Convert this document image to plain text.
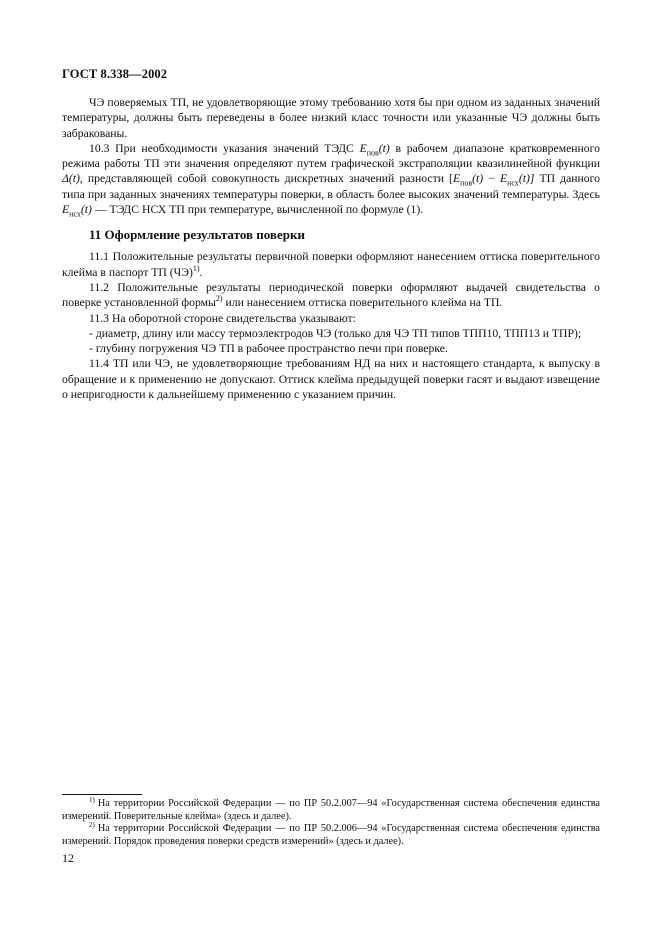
ГОСТ 8.338—2002

ЧЭ поверяемых ТП, не удовлетворяющие этому требованию хотя бы при одном из заданных значений температуры, должны быть переведены в более низкий класс точности или указанные ЧЭ должны быть забракованы.

10.3 При необходимости указания значений ТЭДС $E_{пов}(t)$ в рабочем диапазоне кратковременного режима работы ТП эти значения определяют путем графической экстраполяции квазилинейной функции Δ(t), представляющей собой совокупность дискретных значений разности $[E_{пов}(t) - E_{нсх}(t)]$ ТП данного типа при заданных значениях температуры поверки, в область более высоких значений температуры. Здесь $E_{нсх}(t)$ — ТЭДС НСХ ТП при температуре, вычисленной по формуле (1).

11 Оформление результатов поверки

11.1 Положительные результаты первичной поверки оформляют нанесением оттиска поверительного клейма в паспорт ТП (ЧЭ)$^{1)}$.

11.2 Положительные результаты периодической поверки оформляют выдачей свидетельства о поверке установленной формы$^{2)}$ или нанесением оттиска поверительного клейма на ТП.

11.3 На оборотной стороне свидетельства указывают:

- диаметр, длину или массу термоэлектродов ЧЭ (только для ЧЭ ТП типов ТПП10, ТПП13 и ТПР);

- глубину погружения ЧЭ ТП в рабочее пространство печи при поверке.

11.4 ТП или ЧЭ, не удовлетворяющие требованиям НД на них и настоящего стандарта, к выпуску в обращение и к применению не допускают. Оттиск клейма предыдущей поверки гасят и выдают извещение о непригодности к дальнейшему применению с указанием причин.

$^{1)}$ На территории Российской Федерации — по ПР 50.2.007—94 «Государственная система обеспечения единства измерений. Поверительные клейма» (здесь и далее).

$^{2)}$ На территории Российской Федерации — по ПР 50.2.006—94 «Государственная система обеспечения единства измерений. Порядок проведения поверки средств измерений» (здесь и далее).

12
